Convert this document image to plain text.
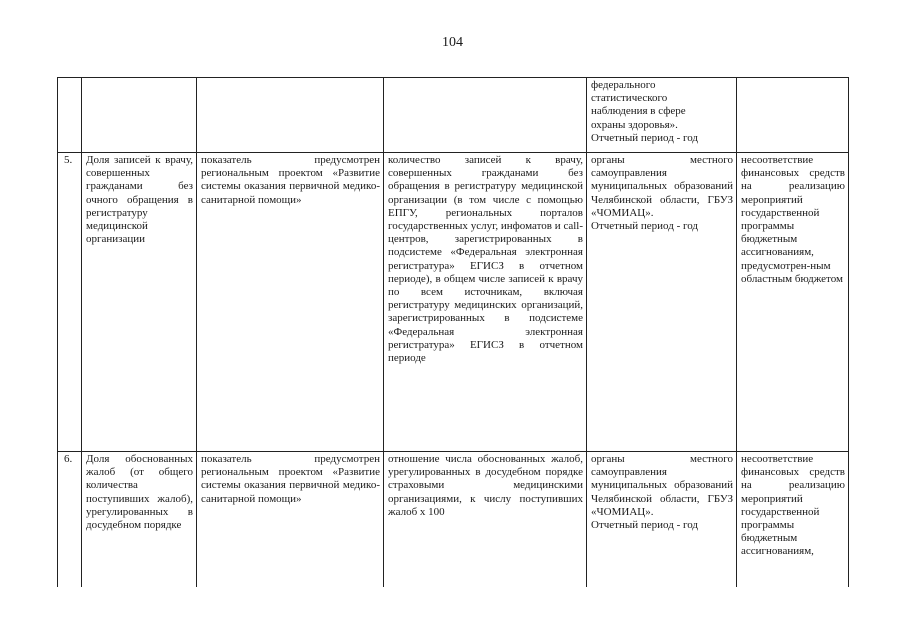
104
				федерального
статистического
наблюдения в сфере
охраны здоровья».
Отчетный период - год	
5.	Доля записей к врачу, совершенных гражданами без очного обращения в регистратуру медицинской организации	показатель предусмотрен региональным проектом «Развитие системы оказания первичной медико-санитарной помощи»	количество записей к врачу, совершенных гражданами без обращения в регистратуру медицинской организации (в том числе с помощью ЕПГУ, региональных порталов государственных услуг, инфоматов и call-центров, зарегистрированных в подсистеме «Федеральная электронная регистратура» ЕГИСЗ в отчетном периоде), в общем числе записей к врачу по всем источникам, включая регистратуру медицинских организаций, зарегистрированных в подсистеме «Федеральная электронная регистратура» ЕГИСЗ в отчетном периоде	органы местного самоуправления муниципальных образований Челябинской области, ГБУЗ «ЧОМИАЦ».
Отчетный период - год	несоответствие финансовых средств на реализацию мероприятий государственной программы бюджетным ассигнованиям, предусмотрен-ным областным бюджетом
6.	Доля обоснованных жалоб (от общего количества поступивших жалоб), урегулированных в досудебном порядке	показатель предусмотрен региональным проектом «Развитие системы оказания первичной медико-санитарной помощи»	отношение числа обоснованных жалоб, урегулированных в досудебном порядке страховыми медицинскими организациями, к числу поступивших жалоб х 100	органы местного самоуправления муниципальных образований Челябинской области, ГБУЗ «ЧОМИАЦ».
Отчетный период - год	несоответствие финансовых средств на реализацию мероприятий государственной программы бюджетным ассигнованиям,
